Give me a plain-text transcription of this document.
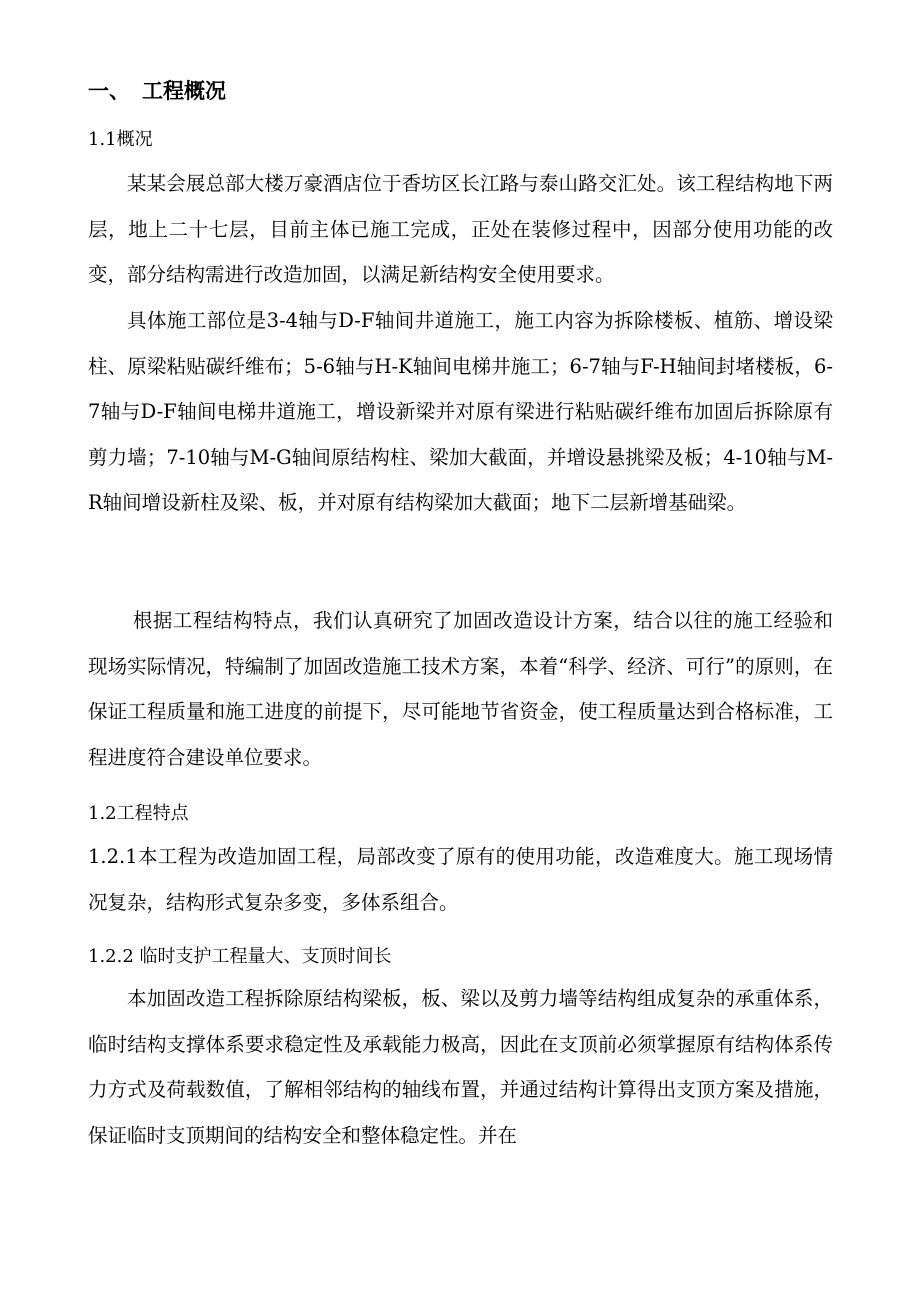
一、 工程概况
1.1概况

某某会展总部大楼万豪酒店位于香坊区长江路与泰山路交汇处。该工程结构地下两层，地上二十七层，目前主体已施工完成，正处在装修过程中，因部分使用功能的改变，部分结构需进行改造加固，以满足新结构安全使用要求。

具体施工部位是3-4轴与D-F轴间井道施工，施工内容为拆除楼板、植筋、增设梁柱、原梁粘贴碳纤维布；5-6轴与H-K轴间电梯井施工；6-7轴与F-H轴间封堵楼板，6-7轴与D-F轴间电梯井道施工，增设新梁并对原有梁进行粘贴碳纤维布加固后拆除原有剪力墙；7-10轴与M-G轴间原结构柱、梁加大截面，并增设悬挑梁及板；4-10轴与M-R轴间增设新柱及梁、板，并对原有结构梁加大截面；地下二层新增基础梁。

根据工程结构特点，我们认真研究了加固改造设计方案，结合以往的施工经验和现场实际情况，特编制了加固改造施工技术方案，本着“科学、经济、可行”的原则，在保证工程质量和施工进度的前提下，尽可能地节省资金，使工程质量达到合格标准，工程进度符合建设单位要求。

1.2工程特点

1.2.1本工程为改造加固工程，局部改变了原有的使用功能，改造难度大。施工现场情况复杂，结构形式复杂多变，多体系组合。

1.2.2 临时支护工程量大、支顶时间长

本加固改造工程拆除原结构梁板，板、梁以及剪力墙等结构组成复杂的承重体系，临时结构支撑体系要求稳定性及承载能力极高，因此在支顶前必须掌握原有结构体系传力方式及荷载数值，了解相邻结构的轴线布置，并通过结构计算得出支顶方案及措施，保证临时支顶期间的结构安全和整体稳定性。并在
